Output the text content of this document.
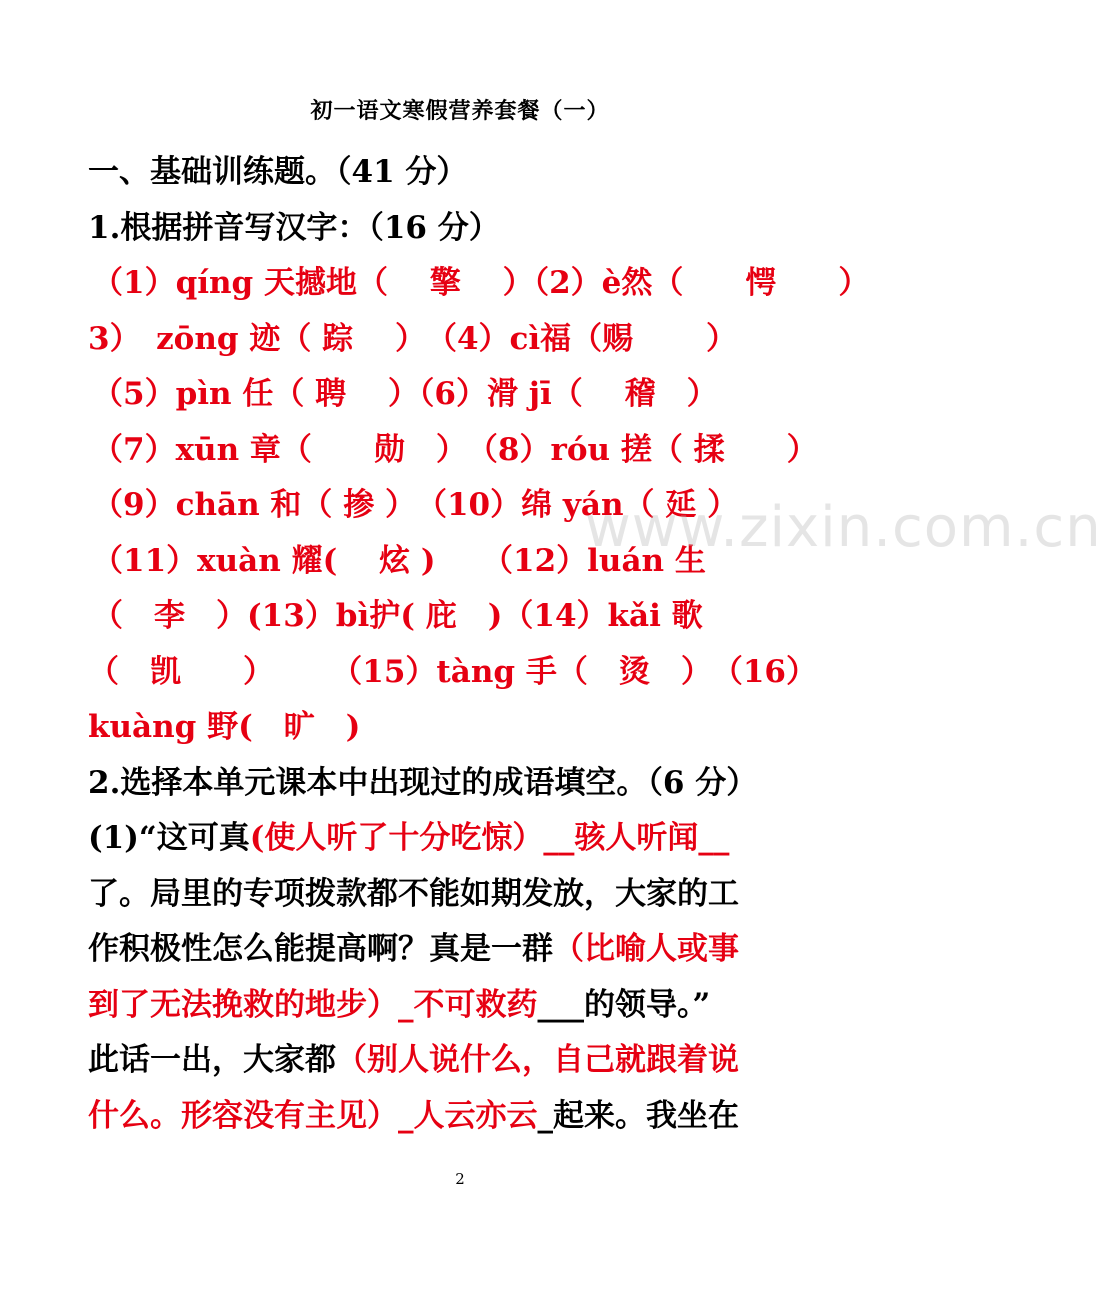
初一语文寒假营养套餐（一）
一、基础训练题。（41 分）
1.根据拼音写汉字：（16 分）
（1）qíng 天撼地（　 擎 　）（2）è然（　　愕　　）
3）　zōng 迹（ 踪 　）　（4）cì福（赐　　 ）
（5）pìn 任（ 聘　 ）（6）滑 jī（　 稽　）
（7）xūn 章（　　勋　）　（8）róu 搓（ 揉　　）
（9）chān 和（ 掺 ）　（10）绵 yán（ 延 ）
（11）xuàn 耀(　 炫 )　　（12）luán 生
（　李　）(13）bì护( 庇　)（14）kǎi 歌
（　凯　　）　　 （15）tàng 手（　烫　）　（16）
kuàng 野(　旷　)
2.选择本单元课本中出现过的成语填空。（6 分）
(1)“这可真(使人听了十分吃惊）__骇人听闻__
了。局里的专项拨款都不能如期发放，大家的工
作积极性怎么能提高啊？真是一群（比喻人或事
到了无法挽救的地步）_不可救药___的领导。”
此话一出，大家都（别人说什么，自己就跟着说
什么。形容没有主见）_人云亦云_起来。我坐在
www.zixin.com.cn
2
